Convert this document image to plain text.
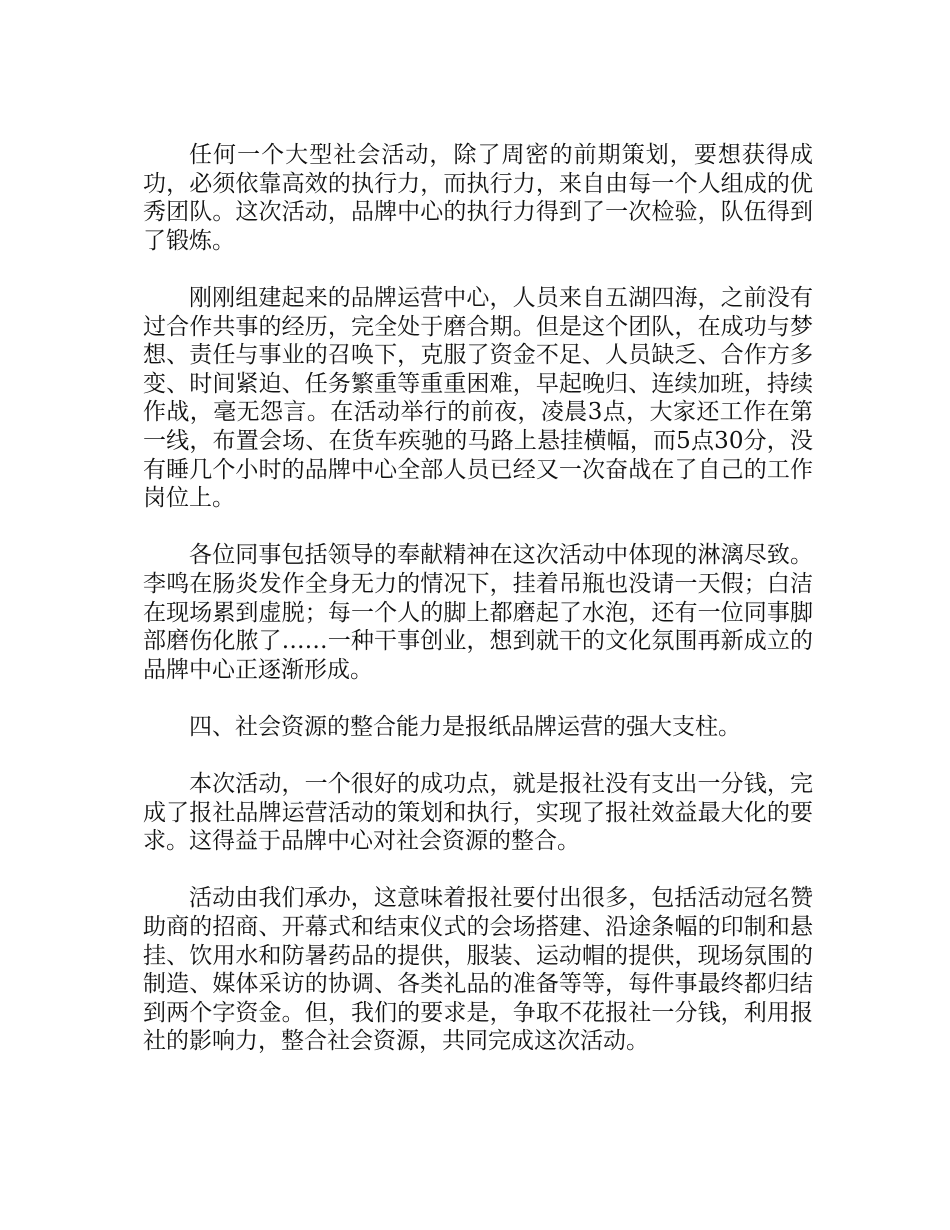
任何一个大型社会活动，除了周密的前期策划，要想获得成功，必须依靠高效的执行力，而执行力，来自由每一个人组成的优秀团队。这次活动，品牌中心的执行力得到了一次检验，队伍得到了锻炼。

刚刚组建起来的品牌运营中心，人员来自五湖四海，之前没有过合作共事的经历，完全处于磨合期。但是这个团队，在成功与梦想、责任与事业的召唤下，克服了资金不足、人员缺乏、合作方多变、时间紧迫、任务繁重等重重困难，早起晚归、连续加班，持续作战，毫无怨言。在活动举行的前夜，凌晨3点，大家还工作在第一线，布置会场、在货车疾驰的马路上悬挂横幅，而5点30分，没有睡几个小时的品牌中心全部人员已经又一次奋战在了自己的工作岗位上。

各位同事包括领导的奉献精神在这次活动中体现的淋漓尽致。李鸣在肠炎发作全身无力的情况下，挂着吊瓶也没请一天假；白洁在现场累到虚脱；每一个人的脚上都磨起了水泡，还有一位同事脚部磨伤化脓了……一种干事创业，想到就干的文化氛围再新成立的品牌中心正逐渐形成。

四、社会资源的整合能力是报纸品牌运营的强大支柱。

本次活动，一个很好的成功点，就是报社没有支出一分钱，完成了报社品牌运营活动的策划和执行，实现了报社效益最大化的要求。这得益于品牌中心对社会资源的整合。

活动由我们承办，这意味着报社要付出很多，包括活动冠名赞助商的招商、开幕式和结束仪式的会场搭建、沿途条幅的印制和悬挂、饮用水和防暑药品的提供，服装、运动帽的提供，现场氛围的制造、媒体采访的协调、各类礼品的准备等等，每件事最终都归结到两个字资金。但，我们的要求是，争取不花报社一分钱，利用报社的影响力，整合社会资源，共同完成这次活动。
